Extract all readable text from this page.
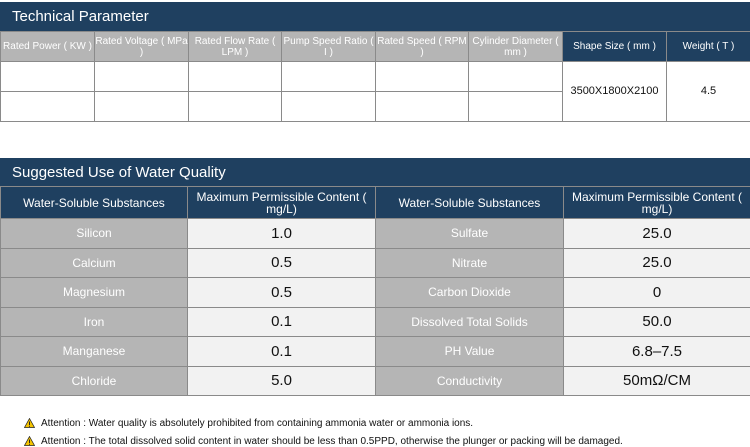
Technical Parameter
Rated Power ( KW )	Rated Voltage ( MPa )	Rated Flow Rate ( LPM )	Pump Speed Ratio ( I )	Rated Speed ( RPM )	Cylinder Diameter ( mm )	Shape Size ( mm )	Weight ( T )
						3500X1800X2100	4.5

Suggested Use of Water Quality
Water-Soluble Substances	Maximum Permissible Content ( mg/L)	Water-Soluble Substances	Maximum Permissible Content ( mg/L)
Silicon	1.0	Sulfate	25.0
Calcium	0.5	Nitrate	25.0
Magnesium	0.5	Carbon Dioxide	0
Iron	0.1	Dissolved Total Solids	50.0
Manganese	0.1	PH Value	6.8–7.5
Chloride	5.0	Conductivity	50mΩ/CM
Attention : Water quality is absolutely prohibited from containing ammonia water or ammonia ions.
Attention : The total dissolved solid content in water should be less than 0.5PPD, otherwise the plunger or packing will be damaged.
